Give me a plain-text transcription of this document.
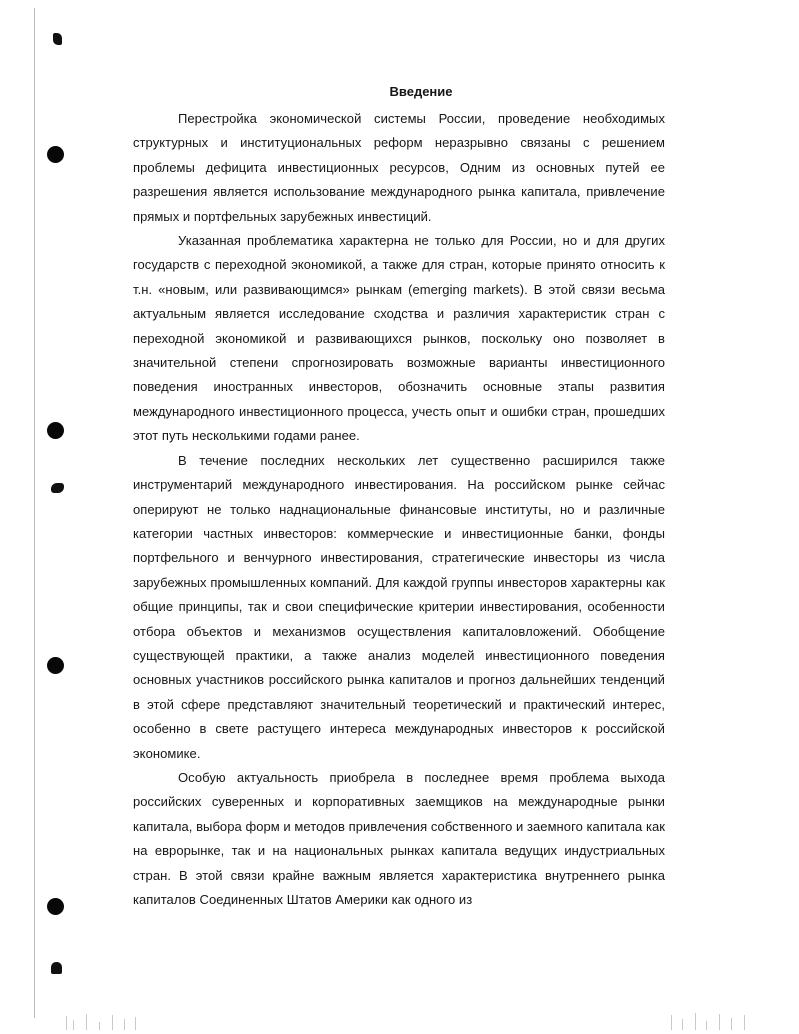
Введение

Перестройка экономической системы России, проведение необходимых структурных и институциональных реформ неразрывно связаны с решением проблемы дефицита инвестиционных ресурсов, Одним из основных путей ее разрешения является использование международного рынка капитала, привлечение прямых и портфельных зарубежных инвестиций.

Указанная проблематика характерна не только для России, но и для других государств с переходной экономикой, а также для стран, которые принято относить к т.н. «новым, или развивающимся» рынкам (emerging markets). В этой связи весьма актуальным является исследование сходства и различия характеристик стран с переходной экономикой и развивающихся рынков, поскольку оно позволяет в значительной степени спрогнозировать возможные варианты инвестиционного поведения иностранных инвесторов, обозначить основные этапы развития международного инвестиционного процесса, учесть опыт и ошибки стран, прошедших этот путь несколькими годами ранее.

В течение последних нескольких лет существенно расширился также инструментарий международного инвестирования. На российском рынке сейчас оперируют не только наднациональные финансовые институты, но и различные категории частных инвесторов: коммерческие и инвестиционные банки, фонды портфельного и венчурного инвестирования, стратегические инвесторы из числа зарубежных промышленных компаний. Для каждой группы инвесторов характерны как общие принципы, так и свои специфические критерии инвестирования, особенности отбора объектов и механизмов осуществления капиталовложений. Обобщение существующей практики, а также анализ моделей инвестиционного поведения основных участников российского рынка капиталов и прогноз дальнейших тенденций в этой сфере представляют значительный теоретический и практический интерес, особенно в свете растущего интереса международных инвесторов к российской экономике.

Особую актуальность приобрела в последнее время проблема выхода российских суверенных и корпоративных заемщиков на международные рынки капитала, выбора форм и методов привлечения собственного и заемного капитала как на еврорынке, так и на национальных рынках капитала ведущих индустриальных стран. В этой связи крайне важным является характеристика внутреннего рынка капиталов Соединенных Штатов Америки как одного из
